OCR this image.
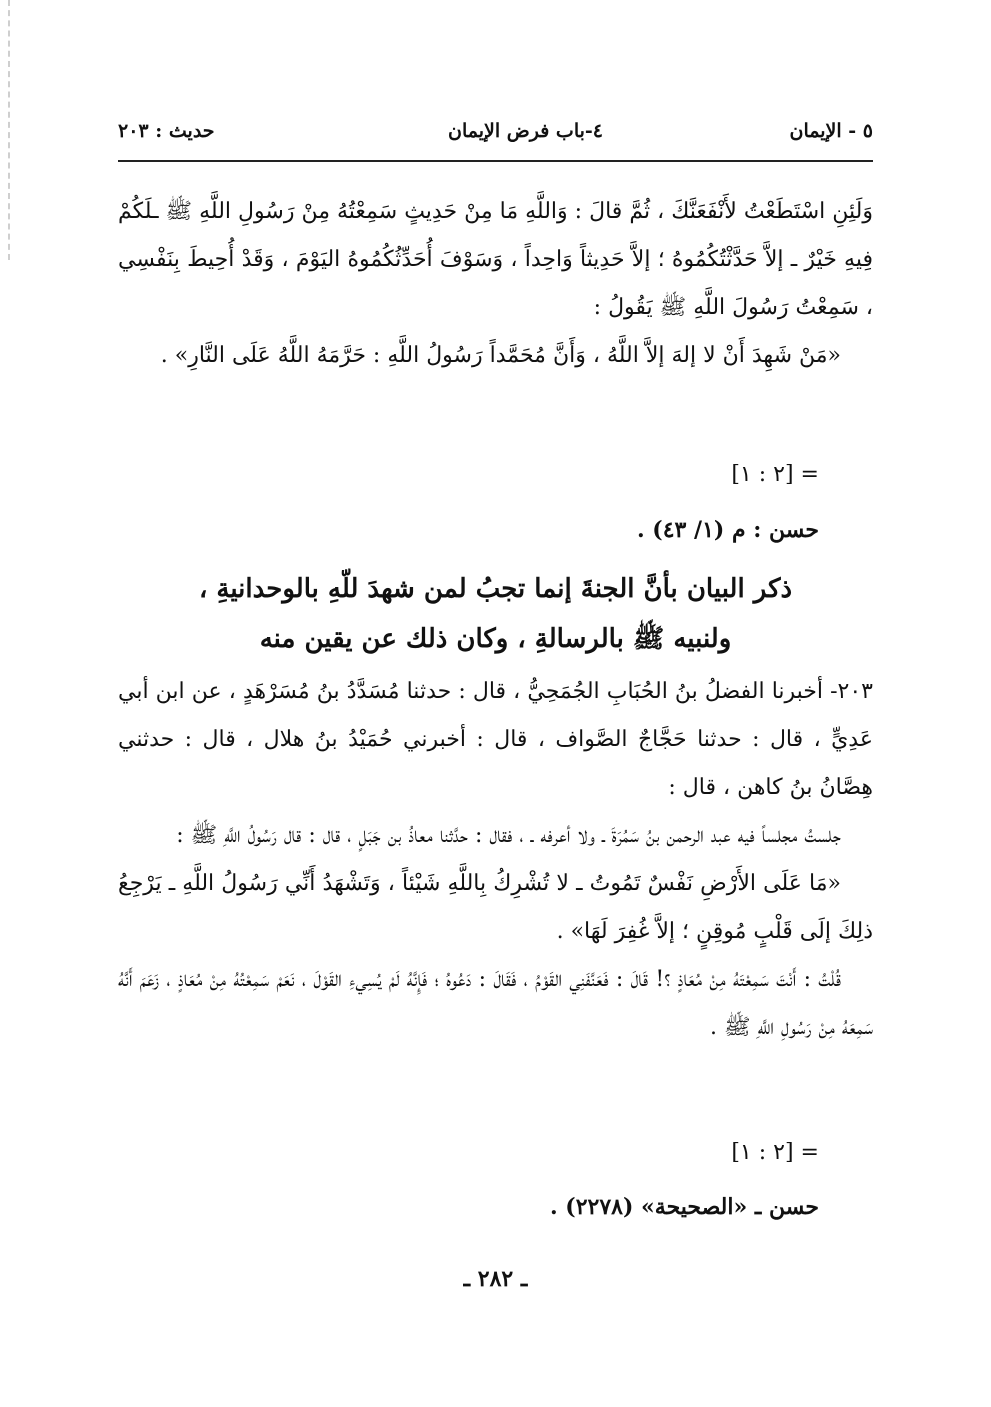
٥ - الإيمان
٤-باب فرض الإيمان
حديث : ٢٠٣

وَلَئِنِ اسْتَطَعْتُ لأَنْفَعَنَّكَ ، ثُمَّ قالَ : وَاللَّهِ مَا مِنْ حَدِيثٍ سَمِعْتُهُ مِنْ رَسُولِ اللَّهِ ﷺ ـلَكُمْ فِيهِ خَيْرٌ ـ إلاَّ حَدَّثْتُكُمُوهُ ؛ إلاَّ حَدِيثاً وَاحِداً ، وَسَوْفَ أُحَدِّثُكُمُوهُ اليَوْمَ ، وَقَدْ أُحِيطَ بِنَفْسِي ، سَمِعْتُ رَسُولَ اللَّهِ ﷺ يَقُولُ :

«مَنْ شَهِدَ أَنْ لا إلهَ إلاَّ اللَّهُ ، وَأَنَّ مُحَمَّداً رَسُولُ اللَّهِ : حَرَّمَهُ اللَّهُ عَلَى النَّارِ» .

[٢ : ١] =
حسن : م (١/ ٤٣) .
ذكر البيان بأنَّ الجنةَ إنما تجبُ لمن شهدَ للّهِ بالوحدانيةِ ،
ولنبيه ﷺ بالرسالةِ ، وكان ذلك عن يقين منه

٢٠٣- أخبرنا الفضلُ بنُ الحُبَابِ الجُمَحِيُّ ، قال : حدثنا مُسَدَّدُ بنُ مُسَرْهَدٍ ، عن ابن أبي عَدِيٍّ ، قال : حدثنا حَجَّاجٌ الصَّواف ، قال : أخبرني حُمَيْدُ بنُ هلال ، قال : حدثني هِصَّانُ بنُ كاهن ، قال :

جلستُ مجلساً فيه عبد الرحمن بنُ سَمُرَةَ ـ ولا أعرفه ـ ، فقال : حدَّثنا معاذُ بن جَبَلٍ ، قال : قال رَسُولُ اللَّهِ ﷺ :

«مَا عَلَى الأَرْضِ نَفْسٌ تَمُوتُ ـ لا تُشْرِكُ بِاللَّهِ شَيْئاً ، وَتَشْهَدُ أَنِّي رَسُولُ اللَّهِ ـ يَرْجِعُ ذلِكَ إلَى قَلْبٍ مُوقِنٍ ؛ إلاَّ غُفِرَ لَهَا» .

قُلْتُ : أَنْتَ سَمِعْتَهُ مِنْ مُعَاذٍ ؟! قَالَ : فَعَنَّفَنِي القَوْمُ ، فَقَالَ : دَعُوهُ ؛ فَإِنَّهُ لَمْ يُسِيءِ القَوْلَ ، نَعَمْ سَمِعْتُهُ مِنْ مُعَاذٍ ، زَعَمَ أَنَّهُ سَمِعَهُ مِنْ رَسُولِ اللَّهِ ﷺ .

[٢ : ١] =
حسن ـ «الصحيحة» (٢٢٧٨) .
ـ ٢٨٢ ـ
